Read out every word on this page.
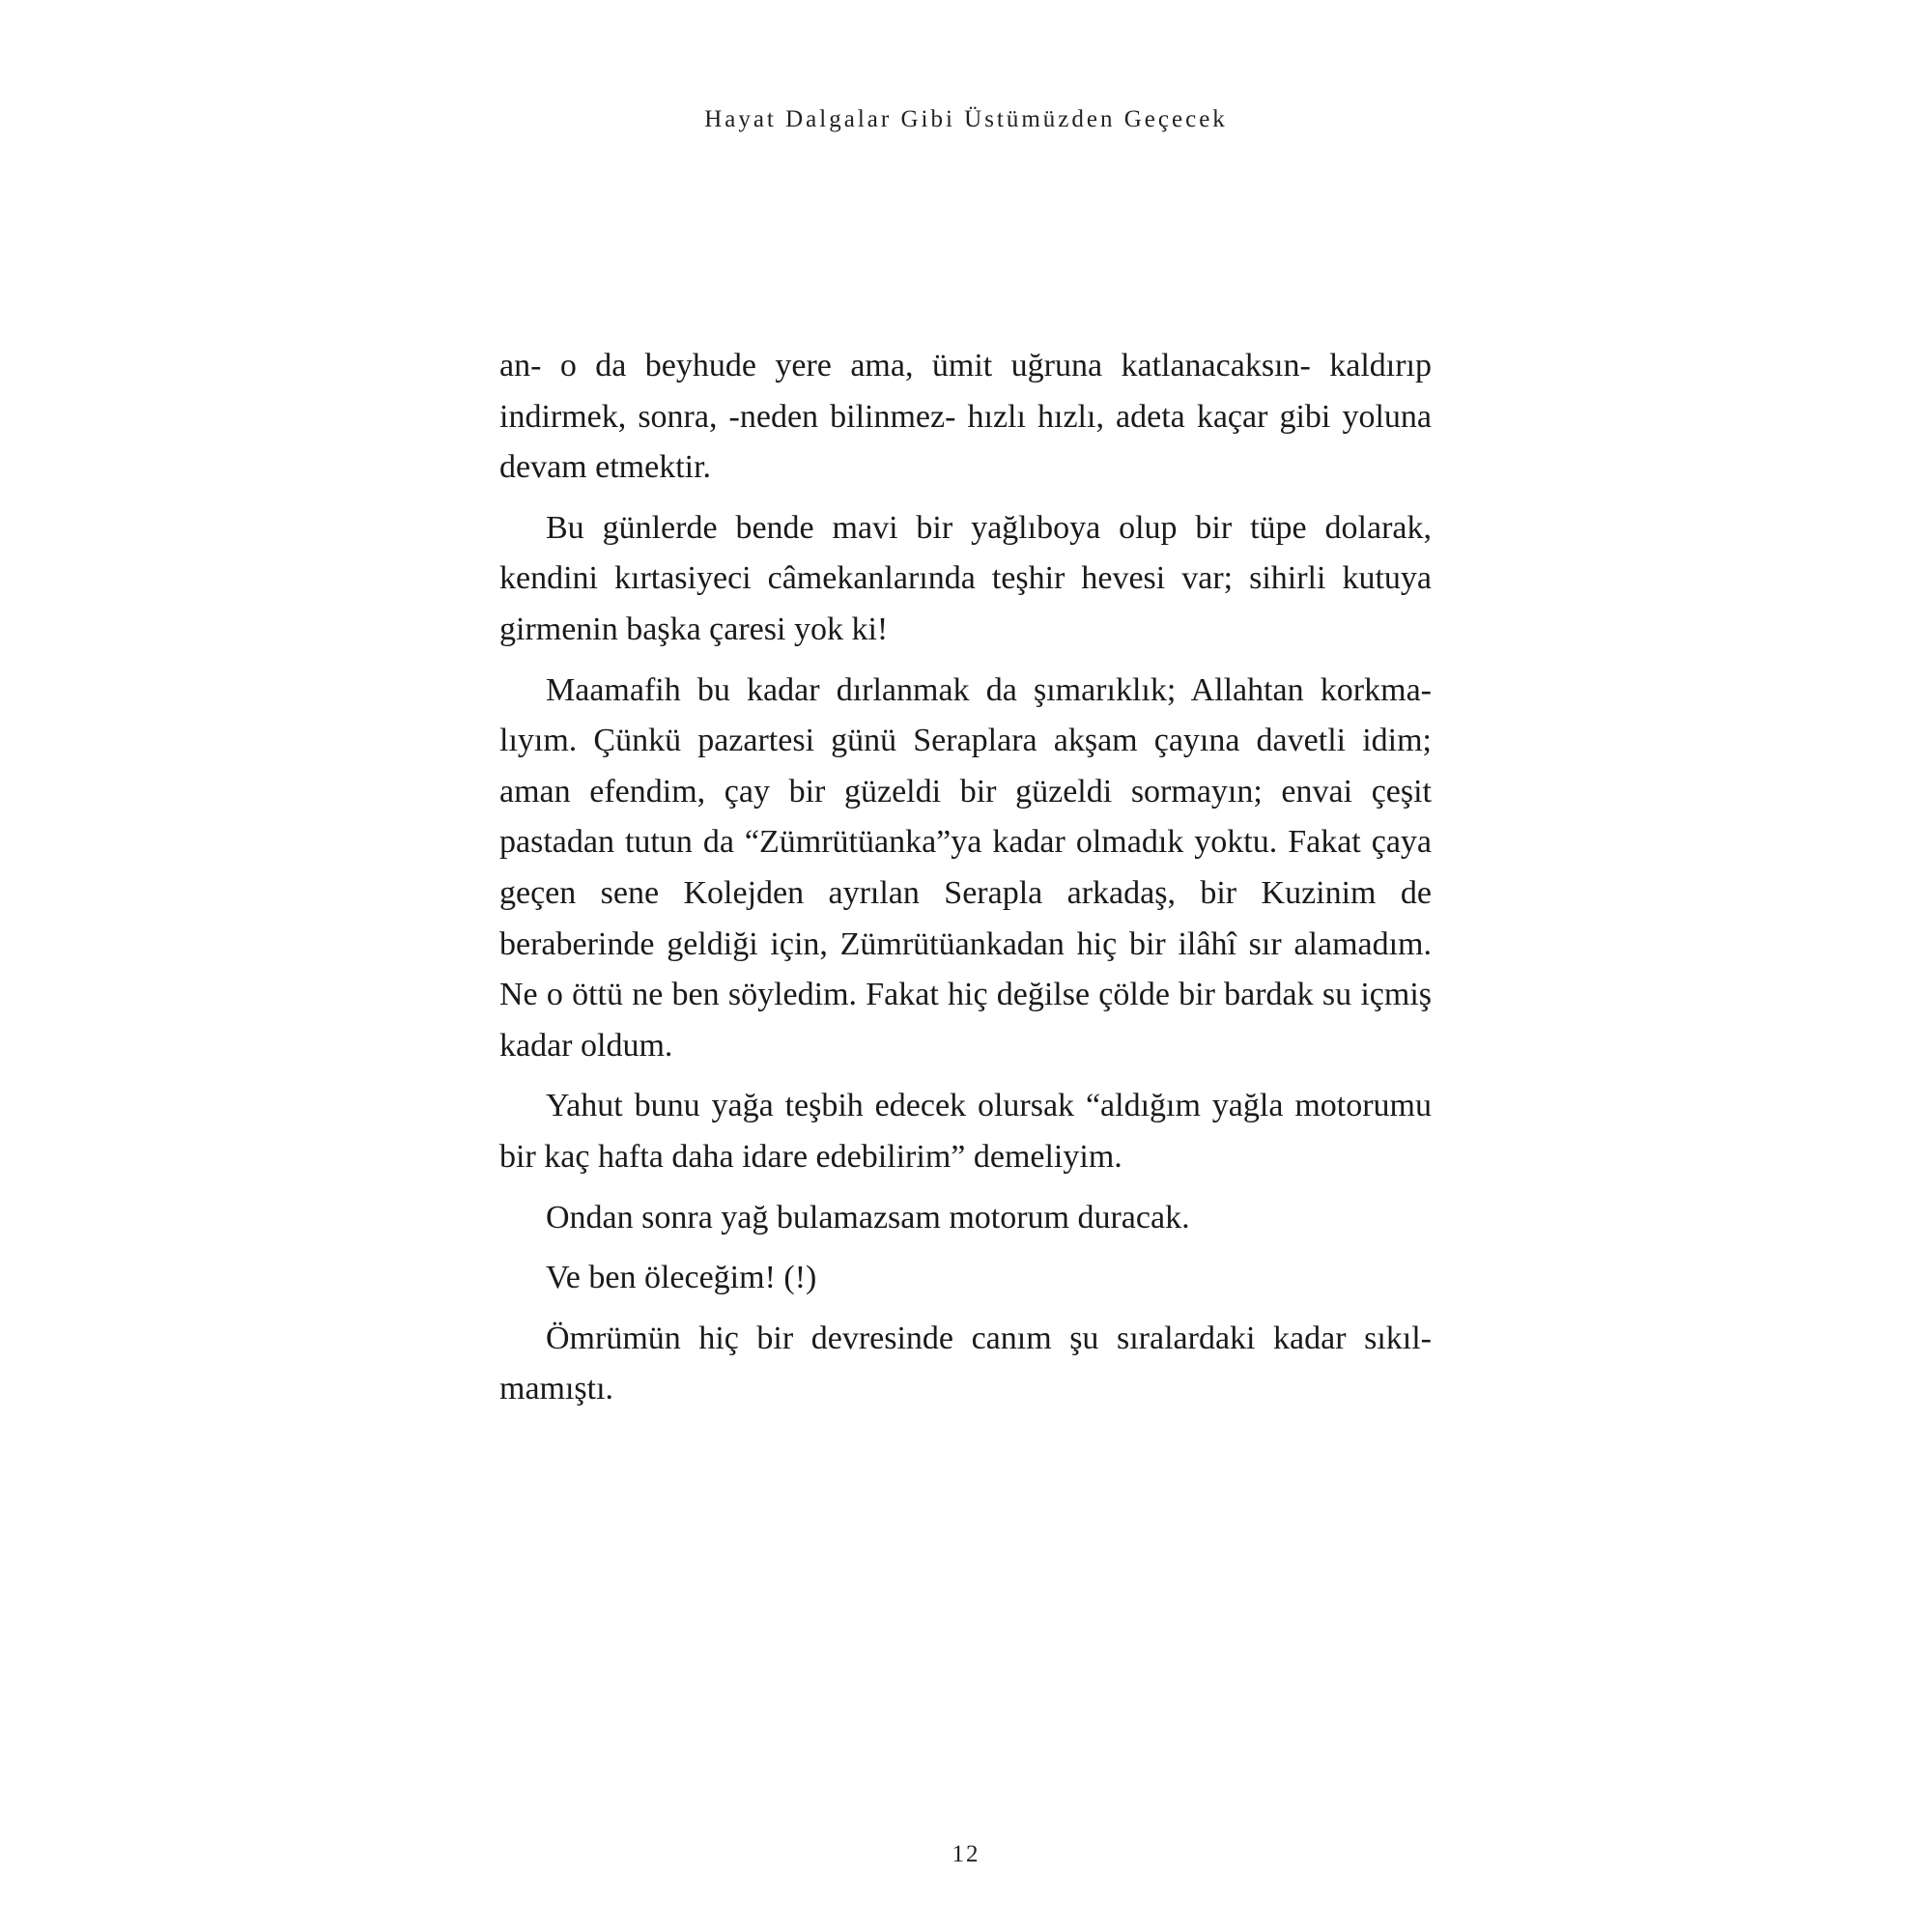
Hayat Dalgalar Gibi Üstümüzden Geçecek

an- o da beyhude yere ama, ümit uğruna katlanacaksın- kaldırıp indirmek, sonra, -neden bilinmez- hızlı hızlı, adeta kaçar gibi yoluna devam etmektir.

Bu günlerde bende mavi bir yağlıboya olup bir tüpe dolarak, kendini kırtasiyeci câmekanlarında teşhir hevesi var; sihirli kutuya girmenin başka çaresi yok ki!

Maamafih bu kadar dırlanmak da şımarıklık; Allahtan korkmalıyım. Çünkü pazartesi günü Seraplara akşam çayına davetli idim; aman efendim, çay bir güzeldi bir güzeldi sormayın; envai çeşit pastadan tutun da “Zümrütüanka”ya kadar olmadık yoktu. Fakat çaya geçen sene Kolejden ayrılan Serapla arkadaş, bir Kuzinim de beraberinde geldiği için, Zümrütüankadan hiç bir ilâhî sır alamadım. Ne o öttü ne ben söyledim. Fakat hiç değilse çölde bir bardak su içmiş kadar oldum.

Yahut bunu yağa teşbih edecek olursak “aldığım yağla motorumu bir kaç hafta daha idare edebilirim” demeliyim.

Ondan sonra yağ bulamazsam motorum duracak.

Ve ben öleceğim! (!)

Ömrümün hiç bir devresinde canım şu sıralardaki kadar sıkılmamıştı.

12
